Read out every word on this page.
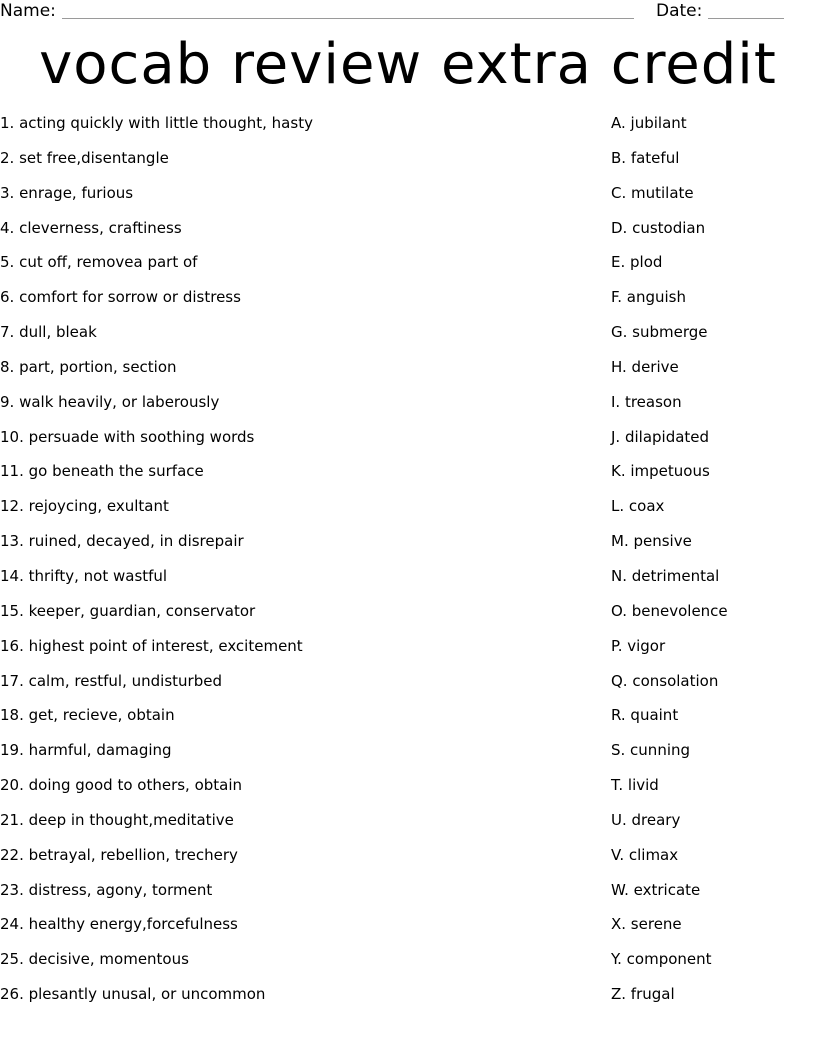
Name:	Date:
vocab review extra credit
1. acting quickly with little thought, hasty
2. set free,disentangle
3. enrage, furious
4. cleverness, craftiness
5. cut off, removea part of
6. comfort for sorrow or distress
7. dull, bleak
8. part, portion, section
9. walk heavily, or laberously
10. persuade with soothing words
11. go beneath the surface
12. rejoycing, exultant
13. ruined, decayed, in disrepair
14. thrifty, not wastful
15. keeper, guardian, conservator
16. highest point of interest, excitement
17. calm, restful, undisturbed
18. get, recieve, obtain
19. harmful, damaging
20. doing good to others, obtain
21. deep in thought,meditative
22. betrayal, rebellion, trechery
23. distress, agony, torment
24. healthy energy,forcefulness
25. decisive, momentous
26. plesantly unusal, or uncommon
A. jubilant
B. fateful
C. mutilate
D. custodian
E. plod
F. anguish
G. submerge
H. derive
I. treason
J. dilapidated
K. impetuous
L. coax
M. pensive
N. detrimental
O. benevolence
P. vigor
Q. consolation
R. quaint
S. cunning
T. livid
U. dreary
V. climax
W. extricate
X. serene
Y. component
Z. frugal
